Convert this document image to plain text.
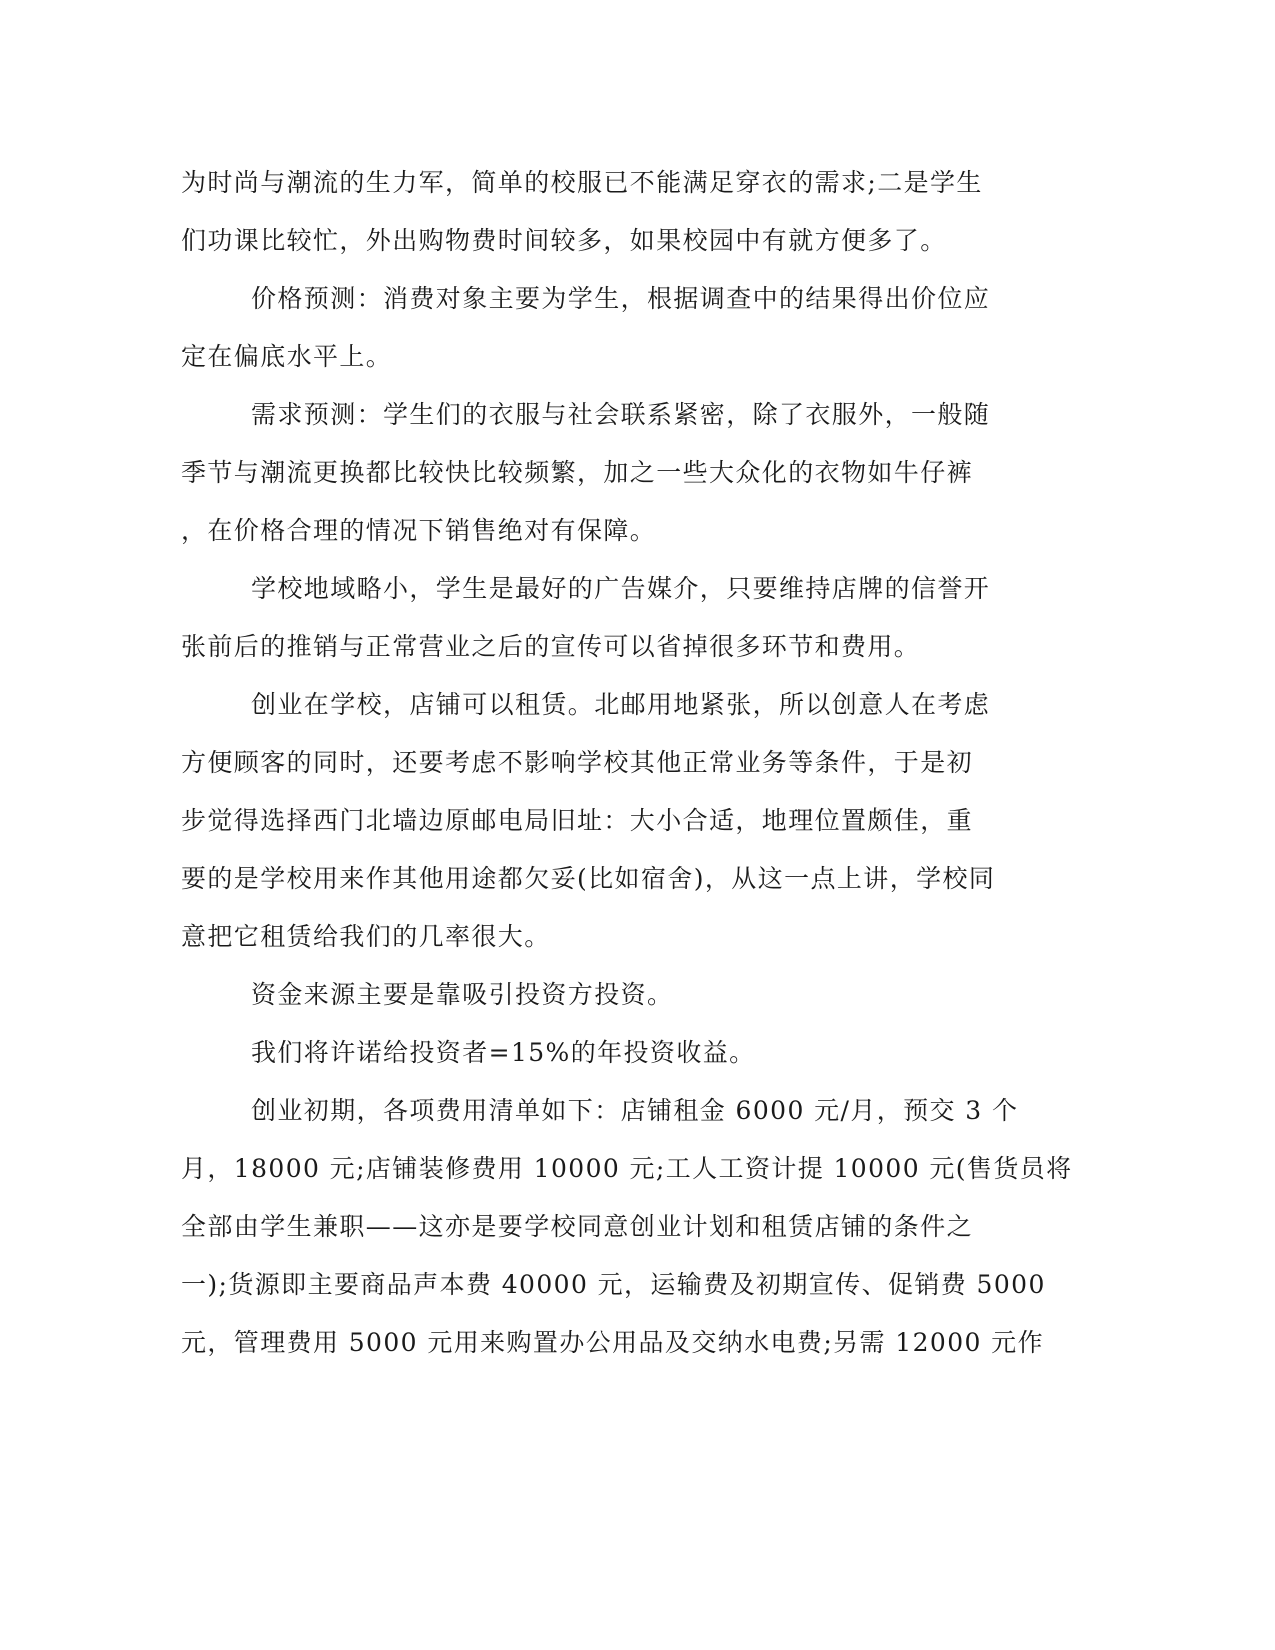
为时尚与潮流的生力军，简单的校服已不能满足穿衣的需求;二是学生
们功课比较忙，外出购物费时间较多，如果校园中有就方便多了。
价格预测：消费对象主要为学生，根据调查中的结果得出价位应
定在偏底水平上。
需求预测：学生们的衣服与社会联系紧密，除了衣服外，一般随
季节与潮流更换都比较快比较频繁，加之一些大众化的衣物如牛仔裤
，在价格合理的情况下销售绝对有保障。
学校地域略小，学生是最好的广告媒介，只要维持店牌的信誉开
张前后的推销与正常营业之后的宣传可以省掉很多环节和费用。
创业在学校，店铺可以租赁。北邮用地紧张，所以创意人在考虑
方便顾客的同时，还要考虑不影响学校其他正常业务等条件，于是初
步觉得选择西门北墙边原邮电局旧址：大小合适，地理位置颇佳，重
要的是学校用来作其他用途都欠妥(比如宿舍)，从这一点上讲，学校同
意把它租赁给我们的几率很大。
资金来源主要是靠吸引投资方投资。
我们将许诺给投资者=15%的年投资收益。
创业初期，各项费用清单如下：店铺租金 6000 元/月，预交 3 个
月，18000 元;店铺装修费用 10000 元;工人工资计提 10000 元(售货员将
全部由学生兼职——这亦是要学校同意创业计划和租赁店铺的条件之
一);货源即主要商品声本费 40000 元，运输费及初期宣传、促销费 5000
元，管理费用 5000 元用来购置办公用品及交纳水电费;另需 12000 元作
